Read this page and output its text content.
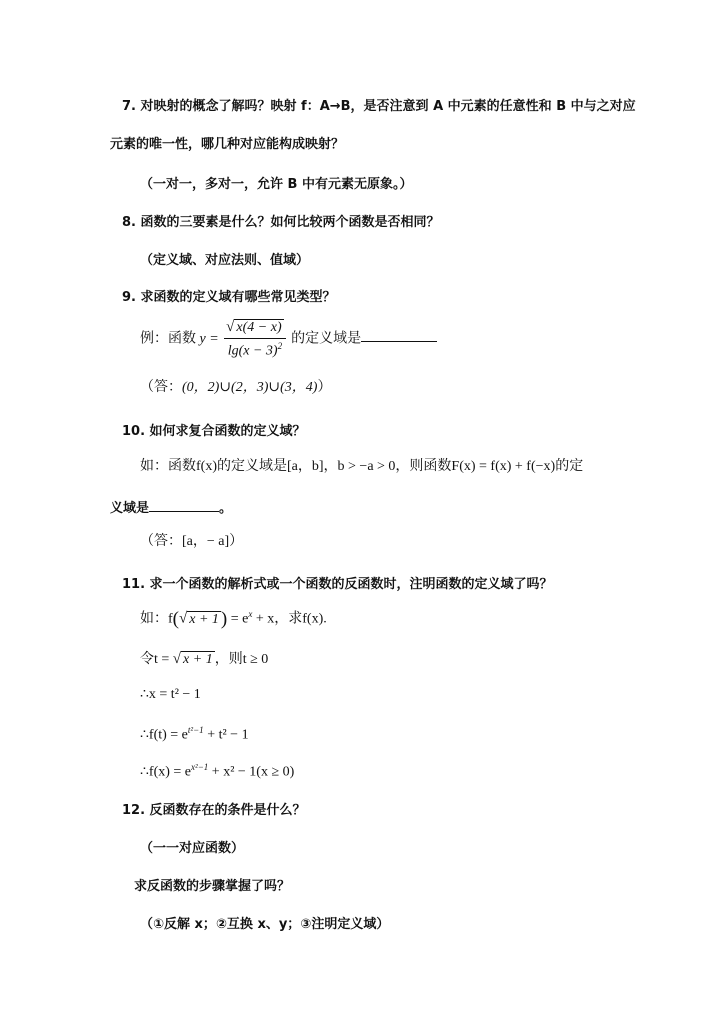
7. 对映射的概念了解吗？映射 f：A→B，是否注意到 A 中元素的任意性和 B 中与之对应
元素的唯一性，哪几种对应能构成映射？
（一对一，多对一，允许 B 中有元素无原象。）
8. 函数的三要素是什么？如何比较两个函数是否相同？
（定义域、对应法则、值域）
9. 求函数的定义域有哪些常见类型？
例：函数 $y = \frac{√ x(4 - x)}{\lg(x - 3)^2}$ 的定义域是
（答：(0，2)∪(2，3)∪(3，4)）
10. 如何求复合函数的定义域？
如：函数f(x)的定义域是[a，b]，b > −a > 0，则函数F(x) = f(x) + f(−x)的定
义域是	。
（答：[a，− a]）
11. 求一个函数的解析式或一个函数的反函数时，注明函数的定义域了吗？
如：f(√ x + 1 ) = $e^x + x$，求f(x).
令t = √ x + 1 ，则t ≥ 0
∴x = t² − 1
∴f(t) = $e^{t^2-1} + t^2 - 1$
∴f(x) = $e^{x^2-1} + x^2 - 1(x \ge 0)$
12. 反函数存在的条件是什么？
（一一对应函数）
求反函数的步骤掌握了吗？
（①反解 x；②互换 x、y；③注明定义域）
